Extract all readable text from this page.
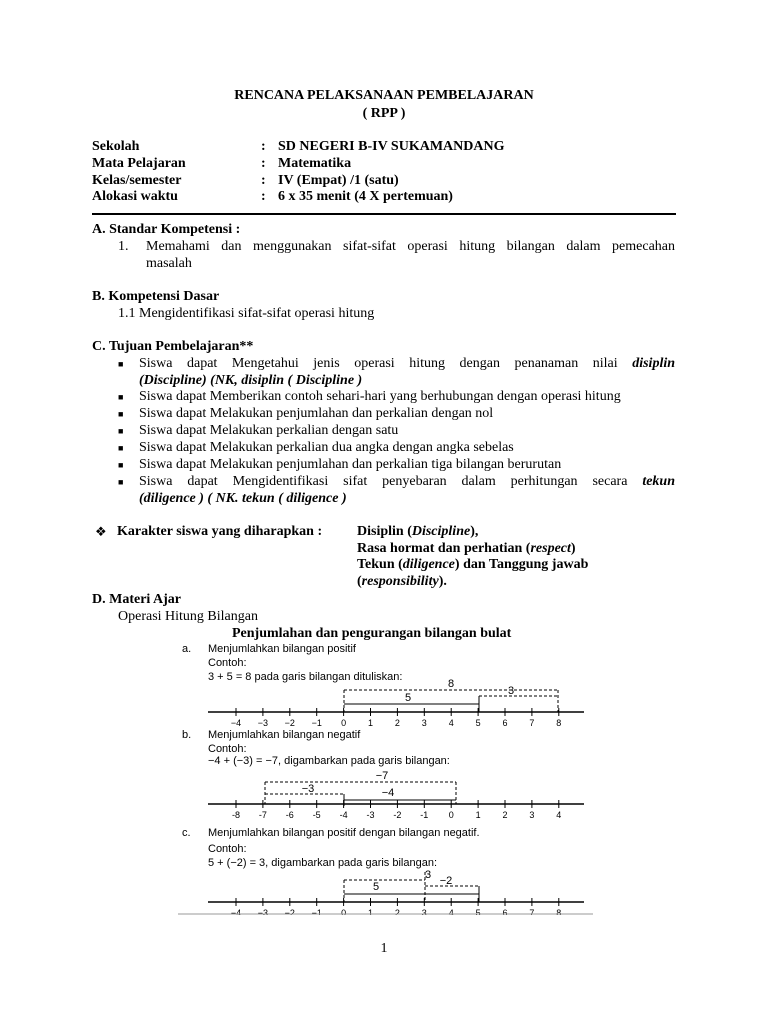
RENCANA PELAKSANAAN PEMBELAJARAN
( RPP )
Sekolah	: SD NEGERI B-IV SUKAMANDANG
Mata Pelajaran	: Matematika
Kelas/semester	: IV (Empat) /1 (satu)
Alokasi waktu	: 6 x 35 menit (4 X pertemuan)
A. Standar Kompetensi :
1. Memahami dan menggunakan sifat-sifat operasi hitung bilangan dalam pemecahan
masalah
B. Kompetensi Dasar
1.1 Mengidentifikasi sifat-sifat operasi hitung
C. Tujuan Pembelajaran**
■ Siswa dapat Mengetahui jenis operasi hitung dengan penanaman nilai disiplin
(Discipline) (NK, disiplin ( Discipline )
■ Siswa dapat Memberikan contoh sehari-hari yang berhubungan dengan operasi hitung
■ Siswa dapat Melakukan penjumlahan dan perkalian dengan nol
■ Siswa dapat Melakukan perkalian dengan satu
■ Siswa dapat Melakukan perkalian dua angka dengan angka sebelas
■ Siswa dapat Melakukan penjumlahan dan perkalian tiga bilangan berurutan
■ Siswa dapat Mengidentifikasi sifat penyebaran dalam perhitungan secara tekun
(diligence ) ( NK. tekun ( diligence )
❖ Karakter siswa yang diharapkan : Disiplin (Discipline),
Rasa hormat dan perhatian (respect)
Tekun (diligence) dan Tanggung jawab
(responsibility).
D. Materi Ajar
Operasi Hitung Bilangan
Penjumlahan dan pengurangan bilangan bulat
a. Menjumlahkan bilangan positif
Contoh:
3 + 5 = 8 pada garis bilangan dituliskan:
8
5
3
−4 −3 −2 −1 0 1 2 3 4 5 6 7 8
b. Menjumlahkan bilangan negatif
Contoh:
−4 + (−3) = −7, digambarkan pada garis bilangan:
−7
−3	−4
-8 -7 -6 -5 -4 -3 -2 -1 0 1 2 3 4
c. Menjumlahkan bilangan positif dengan bilangan negatif.
Contoh:
5 + (−2) = 3, digambarkan pada garis bilangan:
3
5	−2
−4 −3 −2 −1 0 1 2 3 4 5 6 7 8
1
